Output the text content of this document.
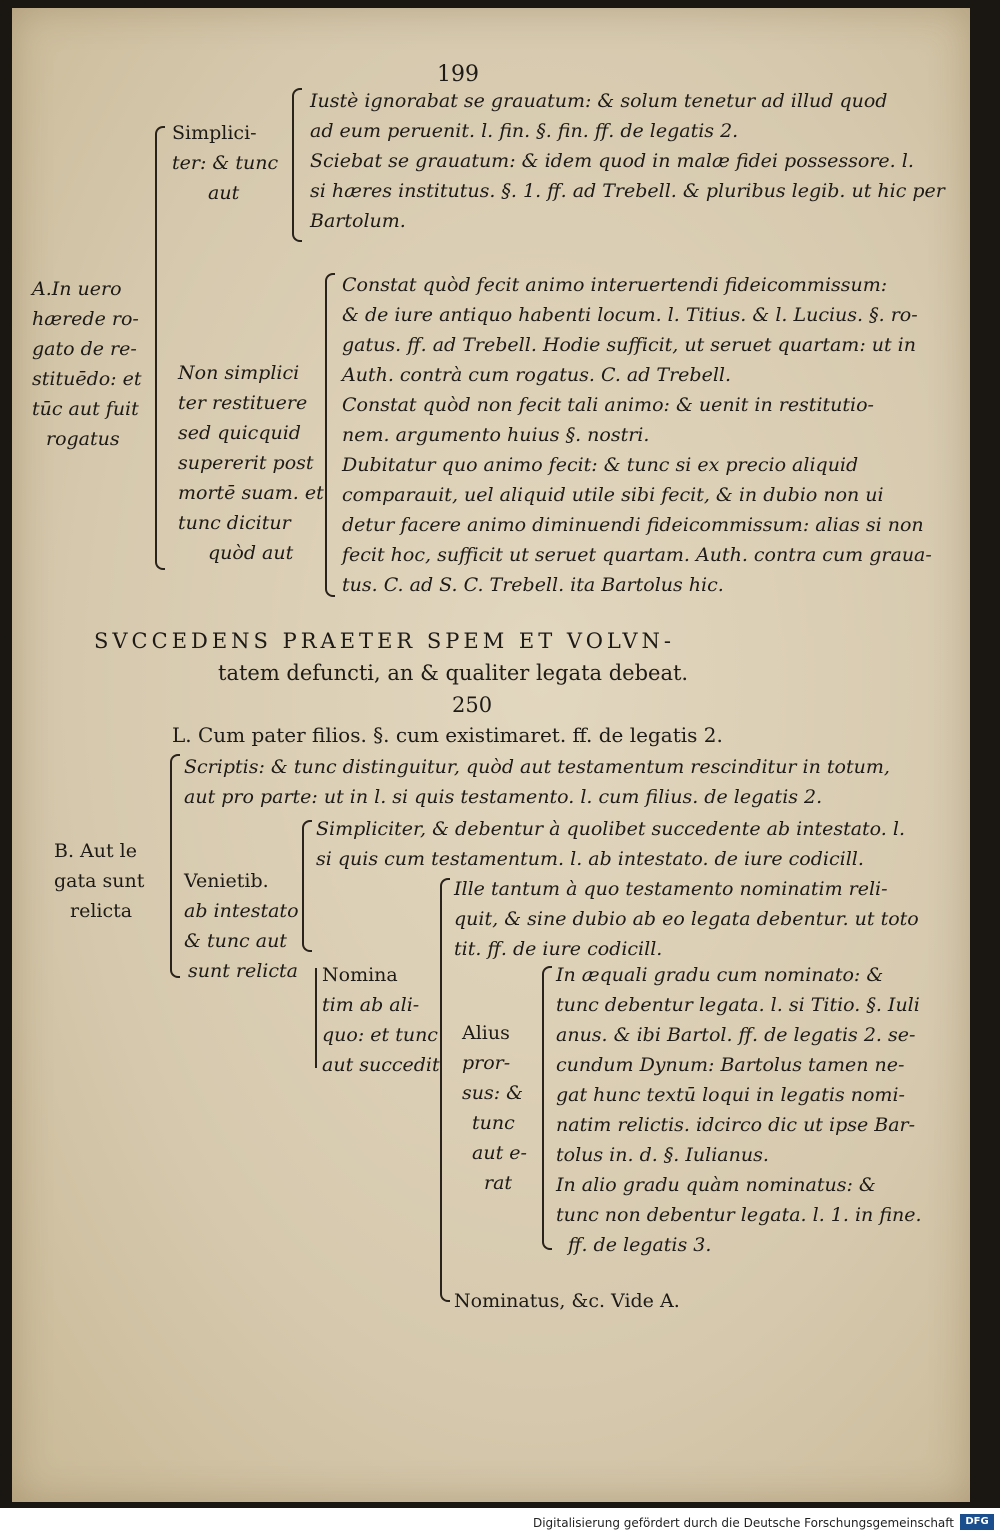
199
A.In uero
hærede ro-
gato de re-
stituēdo: et
tūc aut fuit
rogatus
Simplici-
ter: & tunc
aut
Iustè ignorabat se grauatum: & solum tenetur ad illud quod
ad eum peruenit. l. fin. §. fin. ff. de legatis 2.
Sciebat se grauatum: & idem quod in malæ fidei possessore. l.
si hæres institutus. §. 1. ff. ad Trebell. & pluribus legib. ut hic per
Bartolum.
Non simplici
ter restituere
sed quicquid
supererit post
mortē suam. et
tunc dicitur
quòd aut
Constat quòd fecit animo interuertendi fideicommissum:
& de iure antiquo habenti locum. l. Titius. & l. Lucius. §. ro-
gatus. ff. ad Trebell. Hodie sufficit, ut seruet quartam: ut in
Auth. contrà cum rogatus. C. ad Trebell.
Constat quòd non fecit tali animo: & uenit in restitutio-
nem. argumento huius §. nostri.
Dubitatur quo animo fecit: & tunc si ex precio aliquid
comparauit, uel aliquid utile sibi fecit, & in dubio non ui
detur facere animo diminuendi fideicommissum: alias si non
fecit hoc, sufficit ut seruet quartam. Auth. contra cum graua-
tus. C. ad S. C. Trebell. ita Bartolus hic.
SVCCEDENS PRAETER SPEM ET VOLVN-
tatem defuncti, an & qualiter legata debeat.
250
L. Cum pater filios. §. cum existimaret. ff. de legatis 2.
B. Aut le
gata sunt
relicta
Scriptis: & tunc distinguitur, quòd aut testamentum rescinditur in totum,
aut pro parte: ut in l. si quis testamento. l. cum filius. de legatis 2.
Venietib.
ab intestato
& tunc aut
sunt relicta
Simpliciter, & debentur à quolibet succedente ab intestato. l.
si quis cum testamentum. l. ab intestato. de iure codicill.
Nomina
tim ab ali-
quo: et tunc
aut succedit
Ille tantum à quo testamento nominatim reli-
quit, & sine dubio ab eo legata debentur. ut toto
tit. ff. de iure codicill.
Alius
pror-
sus: &
tunc
aut e-
rat
In æquali gradu cum nominato: &
tunc debentur legata. l. si Titio. §. Iuli
anus. & ibi Bartol. ff. de legatis 2. se-
cundum Dynum: Bartolus tamen ne-
gat hunc textū loqui in legatis nomi-
natim relictis. idcirco dic ut ipse Bar-
tolus in. d. §. Iulianus.
In alio gradu quàm nominatus: &
tunc non debentur legata. l. 1. in fine.
ff. de legatis 3.
Nominatus, &c. Vide A.
Digitalisierung gefördert durch die Deutsche Forschungsgemeinschaft	DFG
